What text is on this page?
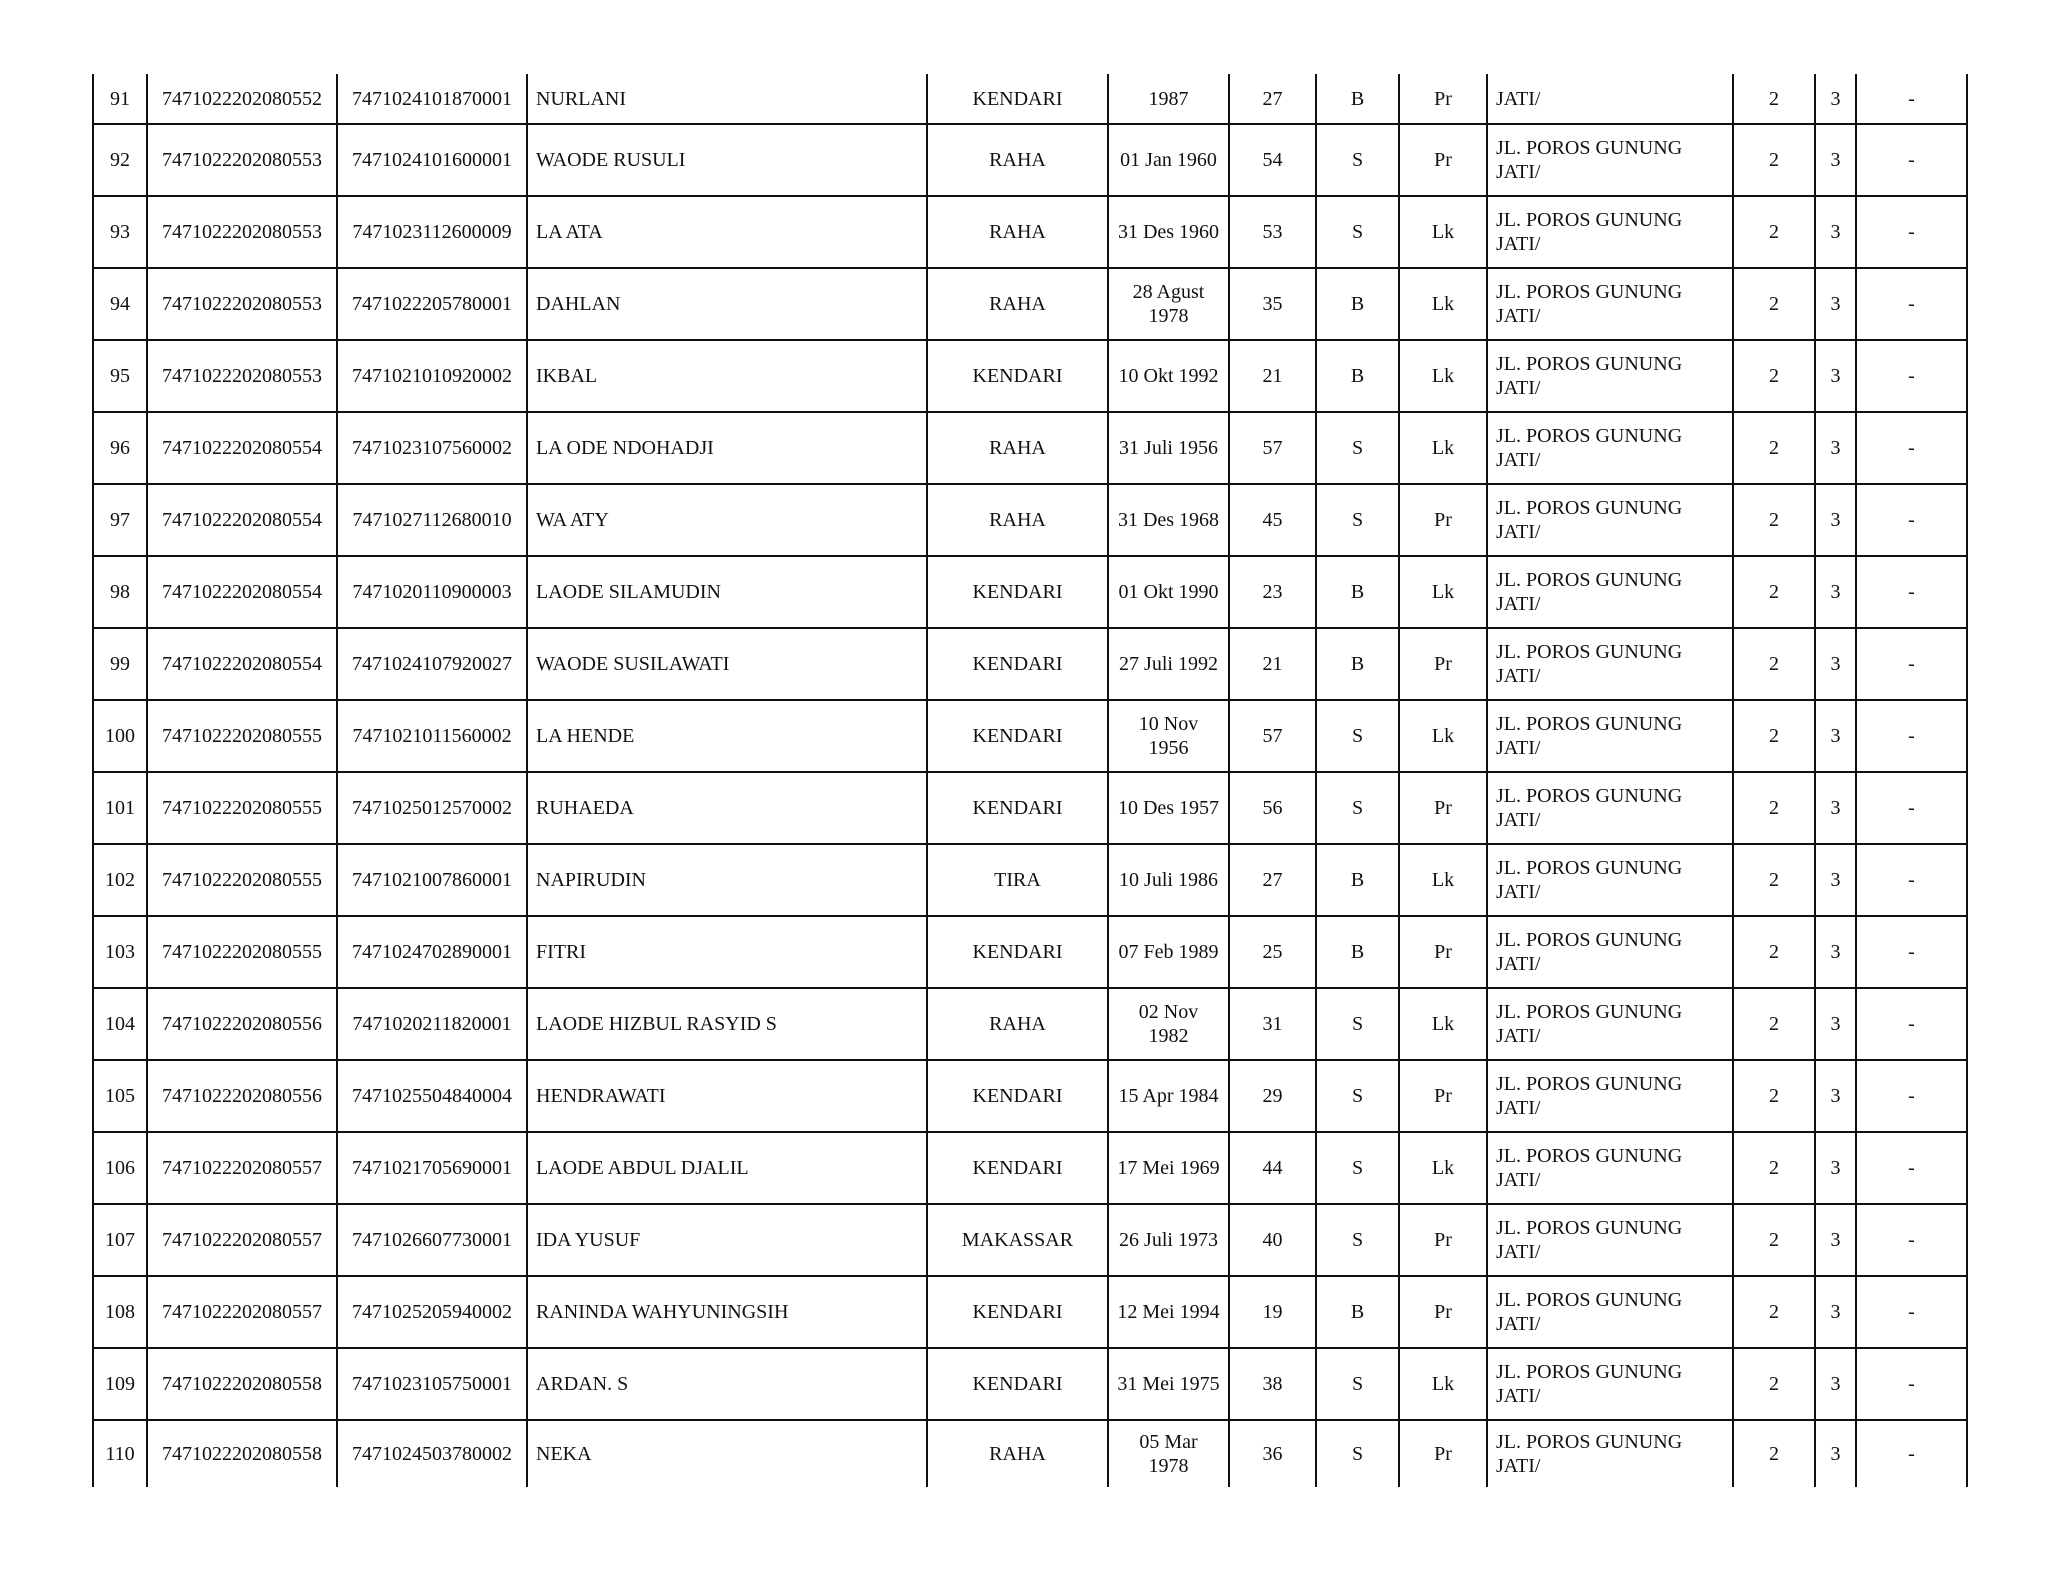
91	7471022202080552	7471024101870001	NURLANI	KENDARI	1987	27	B	Pr	JATI/	2	3	-
92	7471022202080553	7471024101600001	WAODE RUSULI	RAHA	01 Jan 1960	54	S	Pr	JL. POROS GUNUNG JATI/	2	3	-
93	7471022202080553	7471023112600009	LA ATA	RAHA	31 Des 1960	53	S	Lk	JL. POROS GUNUNG JATI/	2	3	-
94	7471022202080553	7471022205780001	DAHLAN	RAHA	28 Agust 1978	35	B	Lk	JL. POROS GUNUNG JATI/	2	3	-
95	7471022202080553	7471021010920002	IKBAL	KENDARI	10 Okt 1992	21	B	Lk	JL. POROS GUNUNG JATI/	2	3	-
96	7471022202080554	7471023107560002	LA ODE NDOHADJI	RAHA	31 Juli 1956	57	S	Lk	JL. POROS GUNUNG JATI/	2	3	-
97	7471022202080554	7471027112680010	WA ATY	RAHA	31 Des 1968	45	S	Pr	JL. POROS GUNUNG JATI/	2	3	-
98	7471022202080554	7471020110900003	LAODE SILAMUDIN	KENDARI	01 Okt 1990	23	B	Lk	JL. POROS GUNUNG JATI/	2	3	-
99	7471022202080554	7471024107920027	WAODE SUSILAWATI	KENDARI	27 Juli 1992	21	B	Pr	JL. POROS GUNUNG JATI/	2	3	-
100	7471022202080555	7471021011560002	LA HENDE	KENDARI	10 Nov 1956	57	S	Lk	JL. POROS GUNUNG JATI/	2	3	-
101	7471022202080555	7471025012570002	RUHAEDA	KENDARI	10 Des 1957	56	S	Pr	JL. POROS GUNUNG JATI/	2	3	-
102	7471022202080555	7471021007860001	NAPIRUDIN	TIRA	10 Juli 1986	27	B	Lk	JL. POROS GUNUNG JATI/	2	3	-
103	7471022202080555	7471024702890001	FITRI	KENDARI	07 Feb 1989	25	B	Pr	JL. POROS GUNUNG JATI/	2	3	-
104	7471022202080556	7471020211820001	LAODE HIZBUL RASYID S	RAHA	02 Nov 1982	31	S	Lk	JL. POROS GUNUNG JATI/	2	3	-
105	7471022202080556	7471025504840004	HENDRAWATI	KENDARI	15 Apr 1984	29	S	Pr	JL. POROS GUNUNG JATI/	2	3	-
106	7471022202080557	7471021705690001	LAODE ABDUL DJALIL	KENDARI	17 Mei 1969	44	S	Lk	JL. POROS GUNUNG JATI/	2	3	-
107	7471022202080557	7471026607730001	IDA YUSUF	MAKASSAR	26 Juli 1973	40	S	Pr	JL. POROS GUNUNG JATI/	2	3	-
108	7471022202080557	7471025205940002	RANINDA WAHYUNINGSIH	KENDARI	12 Mei 1994	19	B	Pr	JL. POROS GUNUNG JATI/	2	3	-
109	7471022202080558	7471023105750001	ARDAN. S	KENDARI	31 Mei 1975	38	S	Lk	JL. POROS GUNUNG JATI/	2	3	-
110	7471022202080558	7471024503780002	NEKA	RAHA	05 Mar 1978	36	S	Pr	JL. POROS GUNUNG JATI/	2	3	-
